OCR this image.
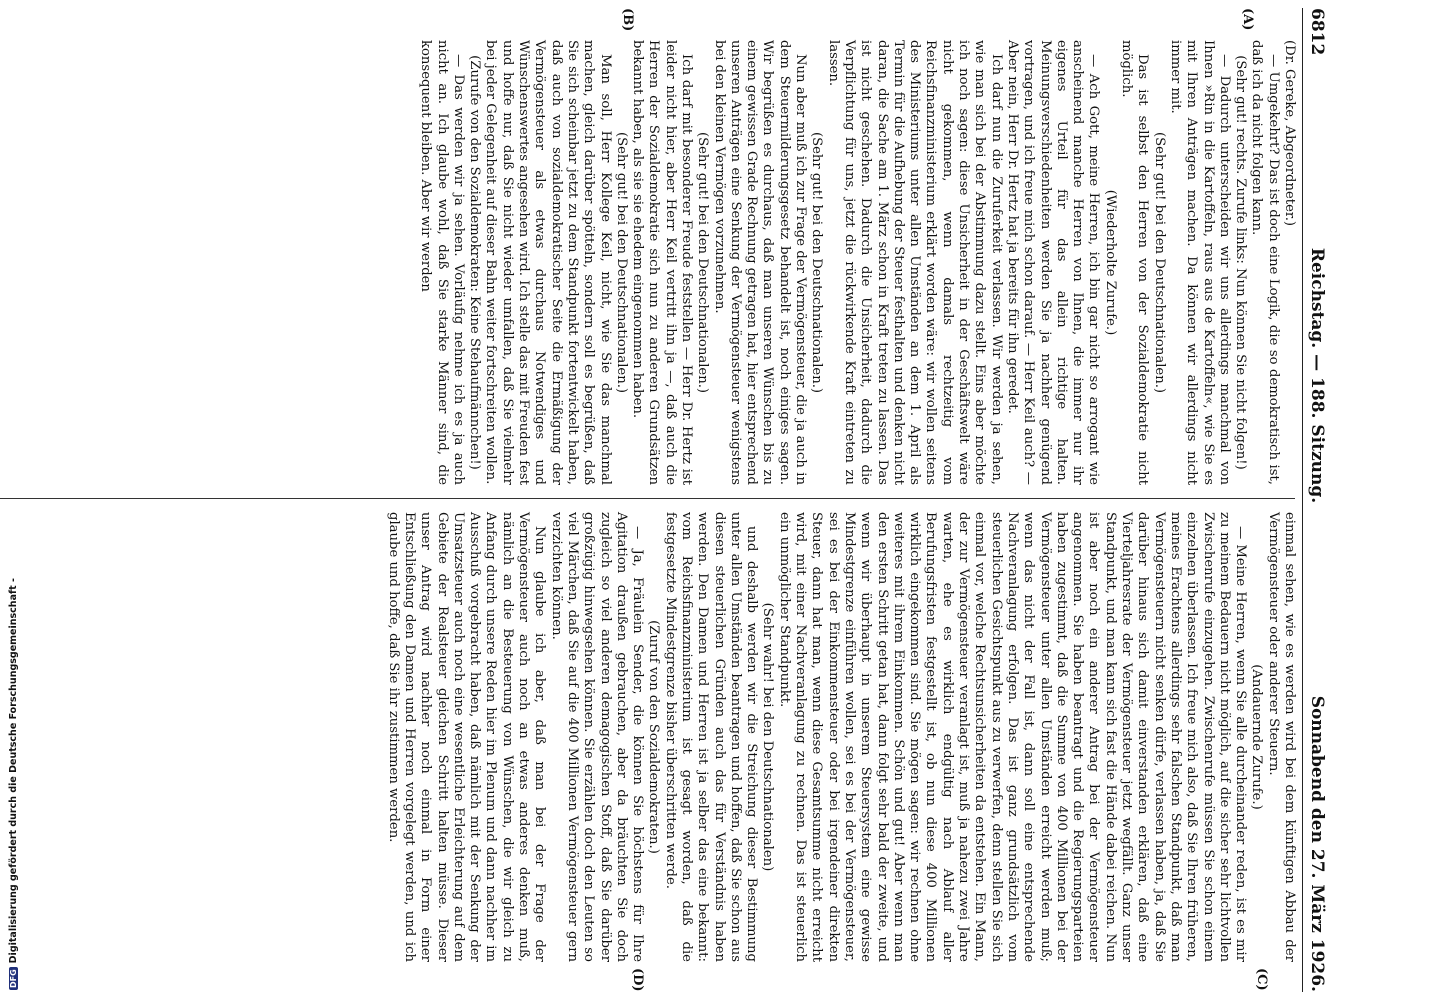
6812
Reichstag. — 188. Sitzung.
Sonnabend den 27. März 1926.
(A)
(B)
(C)
(D)

(Dr. Gereke, Abgeordneter.)

— Umgekehrt? Das ist doch eine Logik, die so demokratisch ist, daß ich da nicht folgen kann.

(Sehr gut! rechts. Zurufe links: Nun können Sie nicht folgen!)

— Dadurch unterscheiden wir uns allerdings manchmal von Ihnen »Rin in die Kartoffeln, raus aus de Kartoffeln«, wie Sie es mit Ihren Anträgen machen. Da können wir allerdings nicht immer mit.

(Sehr gut! bei den Deutschnationalen.)

Das ist selbst den Herren von der Sozialdemokratie nicht möglich.

(Wiederholte Zurufe.)

— Ach Gott, meine Herren, ich bin gar nicht so arrogant wie anscheinend manche Herren von Ihnen, die immer nur ihr eigenes Urteil für das allein richtige halten. Meinungsverschiedenheiten werden Sie ja nachher genügend vortragen, und ich freue mich schon darauf. — Herr Keil auch? — Aber nein, Herr Dr. Hertz hat ja bereits für ihn geredet.

Ich darf nun die Zuruferkeit verlassen. Wir werden ja sehen, wie man sich bei der Abstimmung dazu stellt. Eins aber möchte ich noch sagen: diese Unsicherheit in der Geschäftswelt wäre nicht gekommen, wenn damals rechtzeitig vom Reichsfinanzministerium erklärt worden wäre: wir wollen seitens des Ministeriums unter allen Umständen an dem 1. April als Termin für die Aufhebung der Steuer festhalten und denken nicht daran, die Sache am 1. März schon in Kraft treten zu lassen. Das ist nicht geschehen. Dadurch die Unsicherheit, dadurch die Verpflichtung für uns, jetzt die rückwirkende Kraft eintreten zu lassen.

(Sehr gut! bei den Deutschnationalen.)

Nun aber muß ich zur Frage der Vermögensteuer, die ja auch in dem Steuermilderungsgesetz behandelt ist, noch einiges sagen. Wir begrüßen es durchaus, daß man unseren Wünschen bis zu einem gewissen Grade Rechnung getragen hat, hier entsprechend unseren Anträgen eine Senkung der Vermögensteuer wenigstens bei den kleinen Vermögen vorzunehmen.

(Sehr gut! bei den Deutschnationalen.)

Ich darf mit besonderer Freude feststellen — Herr Dr. Hertz ist leider nicht hier, aber Herr Keil vertritt ihn ja —, daß auch die Herren der Sozialdemokratie sich nun zu anderen Grundsätzen bekannt haben, als sie sie ehedem eingenommen haben.

(Sehr gut! bei den Deutschnationalen.)

Man soll, Herr Kollege Keil, nicht, wie Sie das manchmal machen, gleich darüber spötteln, sondern soll es begrüßen, daß Sie sich scheinbar jetzt zu dem Standpunkt fortentwickelt haben, daß auch von sozialdemokratischer Seite die Ermäßigung der Vermögensteuer als etwas durchaus Notwendiges und Wünschenswertes angesehen wird. Ich stelle das mit Freuden fest und hoffe nur, daß Sie nicht wieder umfallen, daß Sie vielmehr bei jeder Gelegenheit auf dieser Bahn weiter fortschreiten wollen.

(Zurufe von den Sozialdemokraten: Keine Stehaufmännchen!)

— Das werden wir ja sehen. Vorläufig nehme ich es ja auch nicht an. Ich glaube wohl, daß Sie starke Männer sind, die konsequent bleiben. Aber wir werden

einmal sehen, wie es werden wird bei dem künftigen Abbau der Vermögensteuer oder anderer Steuern.

(Andauernde Zurufe.)

— Meine Herren, wenn Sie alle durcheinander reden, ist es mir zu meinem Bedauern nicht möglich, auf die sicher sehr lichtvollen Zwischenrufe einzugehen. Zwischenrufe müssen Sie schon einem einzelnen überlassen. Ich freue mich also, daß Sie Ihren früheren, meines Erachtens allerdings sehr falschen Standpunkt, daß man Vermögensteuern nicht senken dürfe, verlassen haben, ja, daß Sie darüber hinaus sich damit einverstanden erklären, daß eine Vierteljahresrate der Vermögensteuer jetzt wegfällt. Ganz unser Standpunkt, und man kann sich fast die Hände dabei reichen. Nun ist aber noch ein anderer Antrag bei der Vermögensteuer angenommen. Sie haben beantragt und die Regierungsparteien haben zugestimmt, daß die Summe von 400 Millionen bei der Vermögensteuer unter allen Umständen erreicht werden muß; wenn das nicht der Fall ist, dann soll eine entsprechende Nachveranlagung erfolgen. Das ist ganz grundsätzlich vom steuerlichen Gesichtspunkt aus zu verwerfen, denn stellen Sie sich einmal vor, welche Rechtsunsicherheiten da entstehen. Ein Mann, der zur Vermögensteuer veranlagt ist, muß ja nahezu zwei Jahre warten, ehe es wirklich endgültig nach Ablauf aller Berufungsfristen festgestellt ist, ob nun diese 400 Millionen wirklich eingekommen sind. Sie mögen sagen: wir rechnen ohne weiteres mit ihrem Einkommen. Schön und gut! Aber wenn man den ersten Schritt getan hat, dann folgt sehr bald der zweite, und wenn wir überhaupt in unserem Steuersystem eine gewisse Mindestgrenze einführen wollen, sei es bei der Vermögensteuer, sei es bei der Einkommensteuer oder bei irgendeiner direkten Steuer, dann hat man, wenn diese Gesamtsumme nicht erreicht wird, mit einer Nachveranlagung zu rechnen. Das ist steuerlich ein unmöglicher Standpunkt.

(Sehr wahr! bei den Deutschnationalen)

und deshalb werden wir die Streichung dieser Bestimmung unter allen Umständen beantragen und hoffen, daß Sie schon aus diesen steuerlichen Gründen auch das für Verständnis haben werden. Den Damen und Herren ist ja selber das eine bekannt: vom Reichsfinanzministerium ist gesagt worden, daß die festgesetzte Mindestgrenze bisher überschritten werde.

(Zuruf von den Sozialdemokraten.)

— Ja, Fräulein Sender, die können Sie höchstens für Ihre Agitation draußen gebrauchen, aber da bräuchten Sie doch zugleich so viel anderen demagogischen Stoff, daß Sie darüber großzügig hinwegsehen können. Sie erzählen doch den Leuten so viel Märchen, daß Sie auf die 400 Millionen Vermögensteuer gern verzichten können.

Nun glaube ich aber, daß man bei der Frage der Vermögensteuer auch noch an etwas anderes denken muß, nämlich an die Besteuerung von Wünschen, die wir gleich zu Anfang durch unsere Reden hier im Plenum und dann nachher im Ausschuß vorgebracht haben, daß nämlich mit der Senkung der Umsatzsteuer auch noch eine wesentliche Erleichterung auf dem Gebiete der Realsteuer gleichen Schritt halten müsse. Dieser unser Antrag wird nachher noch einmal in Form einer Entschließung den Damen und Herren vorgelegt werden, und ich glaube und hoffe, daß Sie ihr zustimmen werden.

DFG
Digitalisierung gefördert durch die Deutsche Forschungsgemeinschaft -
